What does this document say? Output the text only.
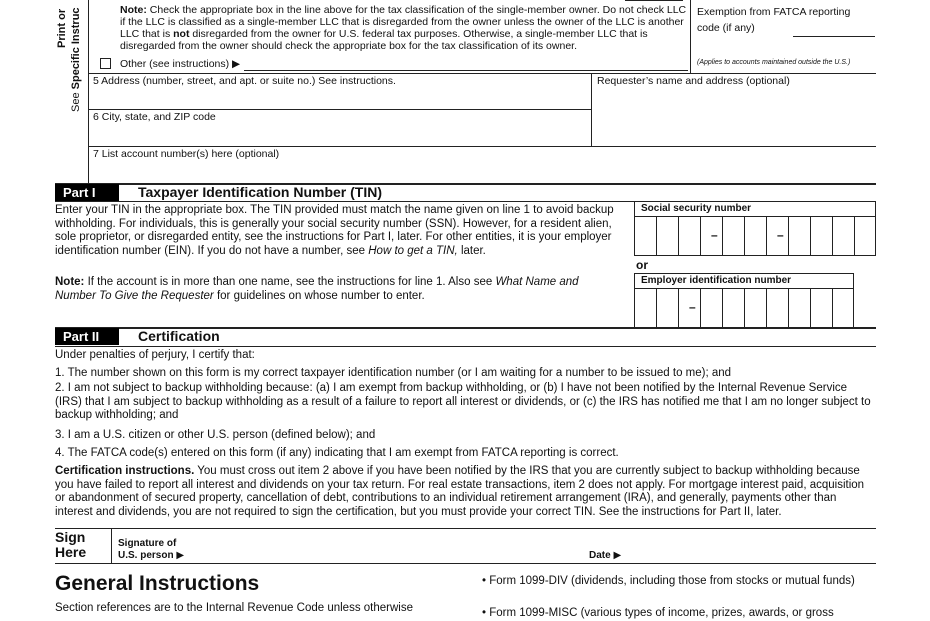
Print or
See Specific Instruc	Note: Check the appropriate box in the line above for the tax classification of the single-member owner. Do not check LLC if the LLC is classified as a single-member LLC that is disregarded from the owner unless the owner of the LLC is another LLC that is not disregarded from the owner for U.S. federal tax purposes. Otherwise, a single-member LLC that is disregarded from the owner should check the appropriate box for the tax classification of its owner.
Other (see instructions) ▶
Exemption from FATCA reporting
code (if any)
(Applies to accounts maintained outside the U.S.)
5 Address (number, street, and apt. or suite no.) See instructions.	Requester’s name and address (optional)
6 City, state, and ZIP code
7 List account number(s) here (optional)
Part I	Taxpayer Identification Number (TIN)
Enter your TIN in the appropriate box. The TIN provided must match the name given on line 1 to avoid backup withholding. For individuals, this is generally your social security number (SSN). However, for a resident alien, sole proprietor, or disregarded entity, see the instructions for Part I, later. For other entities, it is your employer identification number (EIN). If you do not have a number, see How to get a TIN, later.
Note: If the account is in more than one name, see the instructions for line 1. Also see What Name and Number To Give the Requester for guidelines on whose number to enter.
Social security number
–	–
or
Employer identification number
–
Part II	Certification
Under penalties of perjury, I certify that:
1. The number shown on this form is my correct taxpayer identification number (or I am waiting for a number to be issued to me); and
2. I am not subject to backup withholding because: (a) I am exempt from backup withholding, or (b) I have not been notified by the Internal Revenue Service (IRS) that I am subject to backup withholding as a result of a failure to report all interest or dividends, or (c) the IRS has notified me that I am no longer subject to backup withholding; and
3. I am a U.S. citizen or other U.S. person (defined below); and
4. The FATCA code(s) entered on this form (if any) indicating that I am exempt from FATCA reporting is correct.
Certification instructions. You must cross out item 2 above if you have been notified by the IRS that you are currently subject to backup withholding because you have failed to report all interest and dividends on your tax return. For real estate transactions, item 2 does not apply. For mortgage interest paid, acquisition or abandonment of secured property, cancellation of debt, contributions to an individual retirement arrangement (IRA), and generally, payments other than interest and dividends, you are not required to sign the certification, but you must provide your correct TIN. See the instructions for Part II, later.
Sign
Here
Signature of
U.S. person ▶	Date ▶
General Instructions
Section references are to the Internal Revenue Code unless otherwise
• Form 1099-DIV (dividends, including those from stocks or mutual funds)
• Form 1099-MISC (various types of income, prizes, awards, or gross
